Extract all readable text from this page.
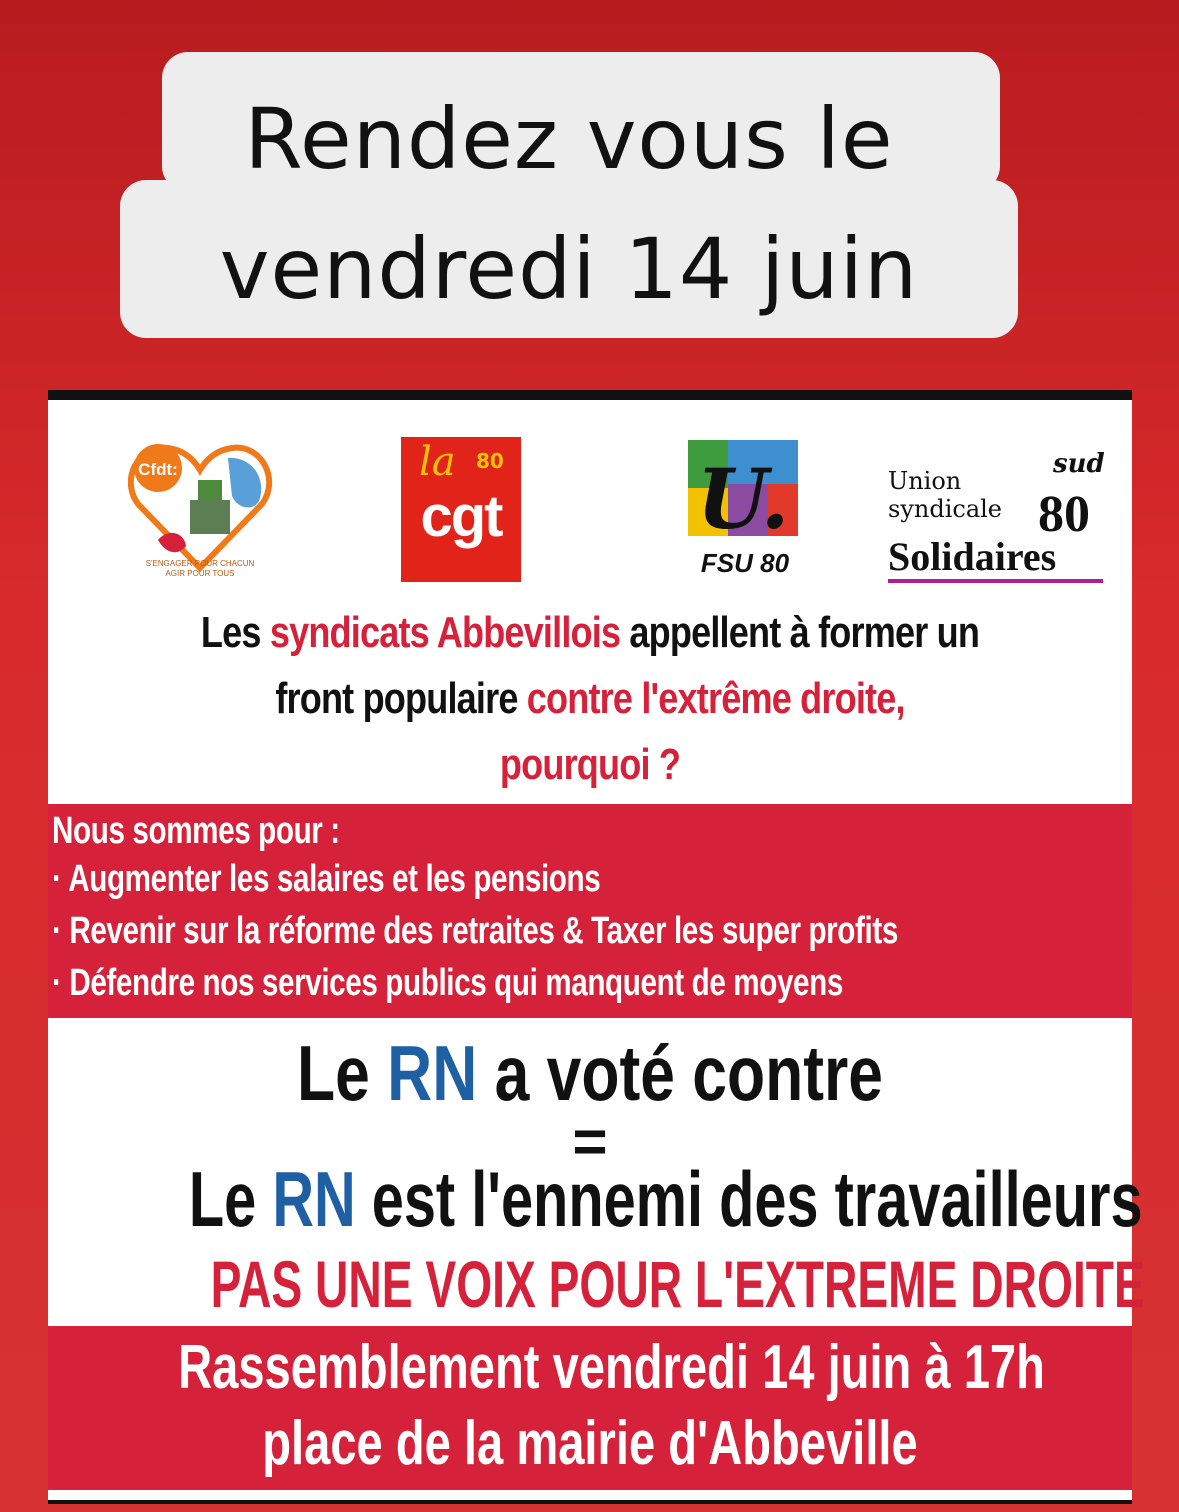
Rendez vous le
vendredi 14 juin
Cfdt:
S'ENGAGER POUR CHACUN
AGIR POUR TOUS
la 80
cgt U.
FSU 80
sud
Union
syndicale 80
Solidaires
Les syndicats Abbevillois appellent à former un
front populaire contre l'extrême droite,
pourquoi ?
Nous sommes pour :
· Augmenter les salaires et les pensions
· Revenir sur la réforme des retraites & Taxer les super profits
· Défendre nos services publics qui manquent de moyens
Le RN a voté contre
=
Le RN est l'ennemi des travailleurs
PAS UNE VOIX POUR L'EXTREME DROITE
Rassemblement vendredi 14 juin à 17h
place de la mairie d'Abbeville
